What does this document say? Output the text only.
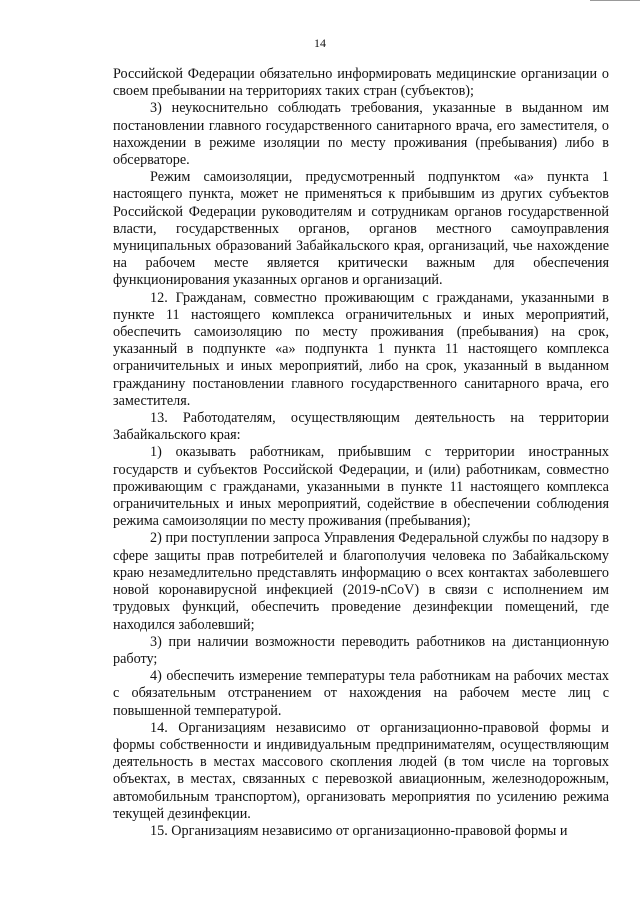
14

Российской Федерации обязательно информировать медицинские организации о своем пребывании на территориях таких стран (субъектов);

3) неукоснительно соблюдать требования, указанные в выданном им постановлении главного государственного санитарного врача, его заместителя, о нахождении в режиме изоляции по месту проживания (пребывания) либо в обсерваторе.

Режим самоизоляции, предусмотренный подпунктом «а» пункта 1 настоящего пункта, может не применяться к прибывшим из других субъектов Российской Федерации руководителям и сотрудникам органов государственной власти, государственных органов, органов местного самоуправления муниципальных образований Забайкальского края, организаций, чье нахождение на рабочем месте является критически важным для обеспечения функционирования указанных органов и организаций.

12. Гражданам, совместно проживающим с гражданами, указанными в пункте 11 настоящего комплекса ограничительных и иных мероприятий, обеспечить самоизоляцию по месту проживания (пребывания) на срок, указанный в подпункте «а» подпункта 1 пункта 11 настоящего комплекса ограничительных и иных мероприятий, либо на срок, указанный в выданном гражданину постановлении главного государственного санитарного врача, его заместителя.

13. Работодателям, осуществляющим деятельность на территории Забайкальского края:

1) оказывать работникам, прибывшим с территории иностранных государств и субъектов Российской Федерации, и (или) работникам, совместно проживающим с гражданами, указанными в пункте 11 настоящего комплекса ограничительных и иных мероприятий, содействие в обеспечении соблюдения режима самоизоляции по месту проживания (пребывания);

2) при поступлении запроса Управления Федеральной службы по надзору в сфере защиты прав потребителей и благополучия человека по Забайкальскому краю незамедлительно представлять информацию о всех контактах заболевшего новой коронавирусной инфекцией (2019-nCoV) в связи с исполнением им трудовых функций, обеспечить проведение дезинфекции помещений, где находился заболевший;

3) при наличии возможности переводить работников на дистанционную работу;

4) обеспечить измерение температуры тела работникам на рабочих местах с обязательным отстранением от нахождения на рабочем месте лиц с повышенной температурой.

14. Организациям независимо от организационно-правовой формы и формы собственности и индивидуальным предпринимателям, осуществляющим деятельность в местах массового скопления людей (в том числе на торговых объектах, в местах, связанных с перевозкой авиационным, железнодорожным, автомобильным транспортом), организовать мероприятия по усилению режима текущей дезинфекции.

15. Организациям независимо от организационно-правовой формы и
